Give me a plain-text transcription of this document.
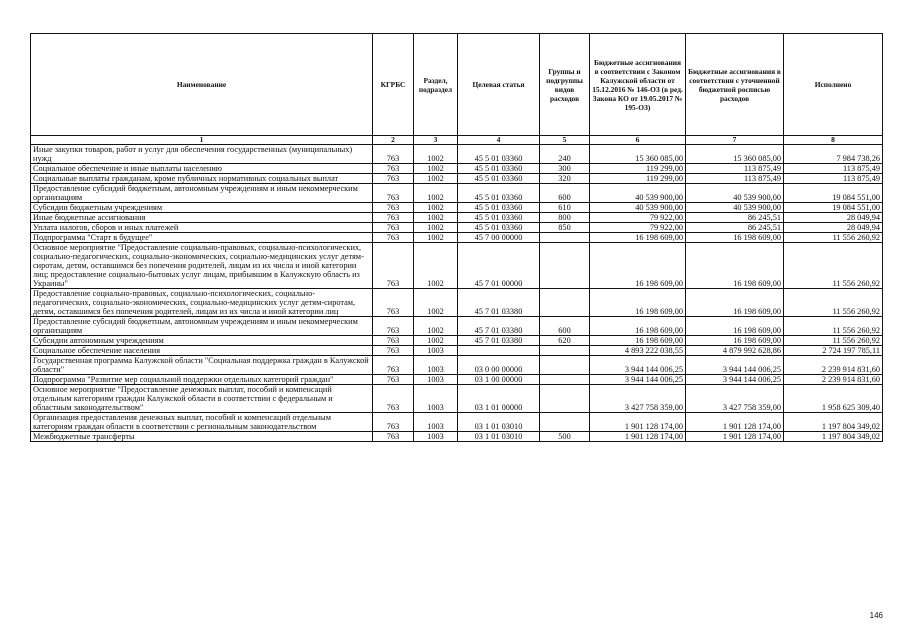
Наименование	КГРБС	Раздел, подраздел	Целевая статья	Группы и подгруппы видов расходов	Бюджетные ассигнования в соответствии с Законом Калужской области от 15.12.2016 № 146-ОЗ (в ред. Закона КО от 19.05.2017 № 195-ОЗ)	Бюджетные ассигнования в соответствии с уточненной бюджетной росписью расходов	Исполнено
1	2	3	4	5	6	7	8
Иные закупки товаров, работ и услуг для обеспечения государственных (муниципальных) нужд	763	1002	45 5 01 03360	240	15 360 085,00	15 360 085,00	7 984 738,26
Социальное обеспечение и иные выплаты населению	763	1002	45 5 01 03360	300	119 299,00	113 875,49	113 875,49
Социальные выплаты гражданам, кроме публичных нормативных социальных выплат	763	1002	45 5 01 03360	320	119 299,00	113 875,49	113 875,49
Предоставление субсидий бюджетным, автономным учреждениям и иным некоммерческим организациям	763	1002	45 5 01 03360	600	40 539 900,00	40 539 900,00	19 084 551,00
Субсидии бюджетным учреждениям	763	1002	45 5 01 03360	610	40 539 900,00	40 539 900,00	19 084 551,00
Иные бюджетные ассигнования	763	1002	45 5 01 03360	800	79 922,00	86 245,51	28 049,94
Уплата налогов, сборов и иных платежей	763	1002	45 5 01 03360	850	79 922,00	86 245,51	28 049,94
Подпрограмма "Старт в будущее"	763	1002	45 7 00 00000		16 198 609,00	16 198 609,00	11 556 260,92
Основное мероприятие "Предоставление социально-правовых, социально-психологических, социально-педагогических, социально-экономических, социально-медицинских услуг детям-сиротам, детям, оставшимся без попечения родителей, лицам из их числа и иной категории лиц; предоставление социально-бытовых услуг лицам, прибывшим в Калужскую область из Украины"	763	1002	45 7 01 00000		16 198 609,00	16 198 609,00	11 556 260,92
Предоставление социально-правовых, социально-психологических, социально-педагогических, социально-экономических, социально-медицинских услуг детям-сиротам, детям, оставшимся без попечения родителей, лицам из их числа и иной категории лиц	763	1002	45 7 01 03380		16 198 609,00	16 198 609,00	11 556 260,92
Предоставление субсидий бюджетным, автономным учреждениям и иным некоммерческим организациям	763	1002	45 7 01 03380	600	16 198 609,00	16 198 609,00	11 556 260,92
Субсидии автономным учреждениям	763	1002	45 7 01 03380	620	16 198 609,00	16 198 609,00	11 556 260,92
Социальное обеспечение населения	763	1003			4 893 222 038,55	4 879 992 628,86	2 724 197 785,11
Государственная программа Калужской области "Социальная поддержка граждан в Калужской области"	763	1003	03 0 00 00000		3 944 144 006,25	3 944 144 006,25	2 239 914 831,60
Подпрограмма "Развитие мер социальной поддержки отдельных категорий граждан"	763	1003	03 1 00 00000		3 944 144 006,25	3 944 144 006,25	2 239 914 831,60
Основное мероприятие "Предоставление денежных выплат, пособий и компенсаций отдельным категориям граждан Калужской области в соответствии с федеральным и областным законодательством"	763	1003	03 1 01 00000		3 427 758 359,00	3 427 758 359,00	1 958 625 309,40
Организация предоставления денежных выплат, пособий и компенсаций отдельным категориям граждан области в соответствии с региональным законодательством	763	1003	03 1 01 03010		1 901 128 174,00	1 901 128 174,00	1 197 804 349,02
Межбюджетные трансферты	763	1003	03 1 01 03010	500	1 901 128 174,00	1 901 128 174,00	1 197 804 349,02
146
